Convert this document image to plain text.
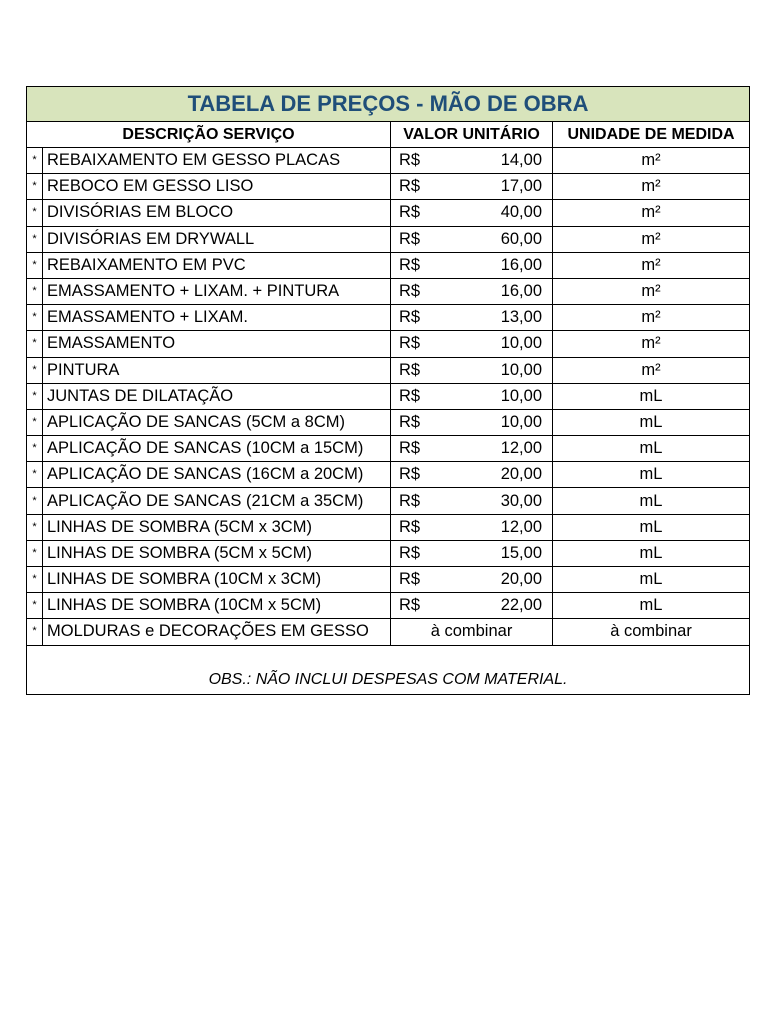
TABELA DE PREÇOS - MÃO DE OBRA			
DESCRIÇÃO SERVIÇO		VALOR UNITÁRIO	UNIDADE DE MEDIDA
*	REBAIXAMENTO EM GESSO PLACAS	R$ 14,00	m²
*	REBOCO EM GESSO LISO	R$ 17,00	m²
*	DIVISÓRIAS EM BLOCO	R$ 40,00	m²
*	DIVISÓRIAS EM DRYWALL	R$ 60,00	m²
*	REBAIXAMENTO EM PVC	R$ 16,00	m²
*	EMASSAMENTO + LIXAM. + PINTURA	R$ 16,00	m²
*	EMASSAMENTO + LIXAM.	R$ 13,00	m²
*	EMASSAMENTO	R$ 10,00	m²
*	PINTURA	R$ 10,00	m²
*	JUNTAS DE DILATAÇÃO	R$ 10,00	mL
*	APLICAÇÃO DE SANCAS (5CM a 8CM)	R$ 10,00	mL
*	APLICAÇÃO DE SANCAS (10CM a 15CM)	R$ 12,00	mL
*	APLICAÇÃO DE SANCAS (16CM a 20CM)	R$ 20,00	mL
*	APLICAÇÃO DE SANCAS (21CM a 35CM)	R$ 30,00	mL
*	LINHAS DE SOMBRA (5CM x 3CM)	R$ 12,00	mL
*	LINHAS DE SOMBRA (5CM x 5CM)	R$ 15,00	mL
*	LINHAS DE SOMBRA (10CM x 3CM)	R$ 20,00	mL
*	LINHAS DE SOMBRA (10CM x 5CM)	R$ 22,00	mL
*	MOLDURAS e DECORAÇÕES EM GESSO	à combinar	à combinar

OBS.: NÃO INCLUI DESPESAS COM MATERIAL.			
